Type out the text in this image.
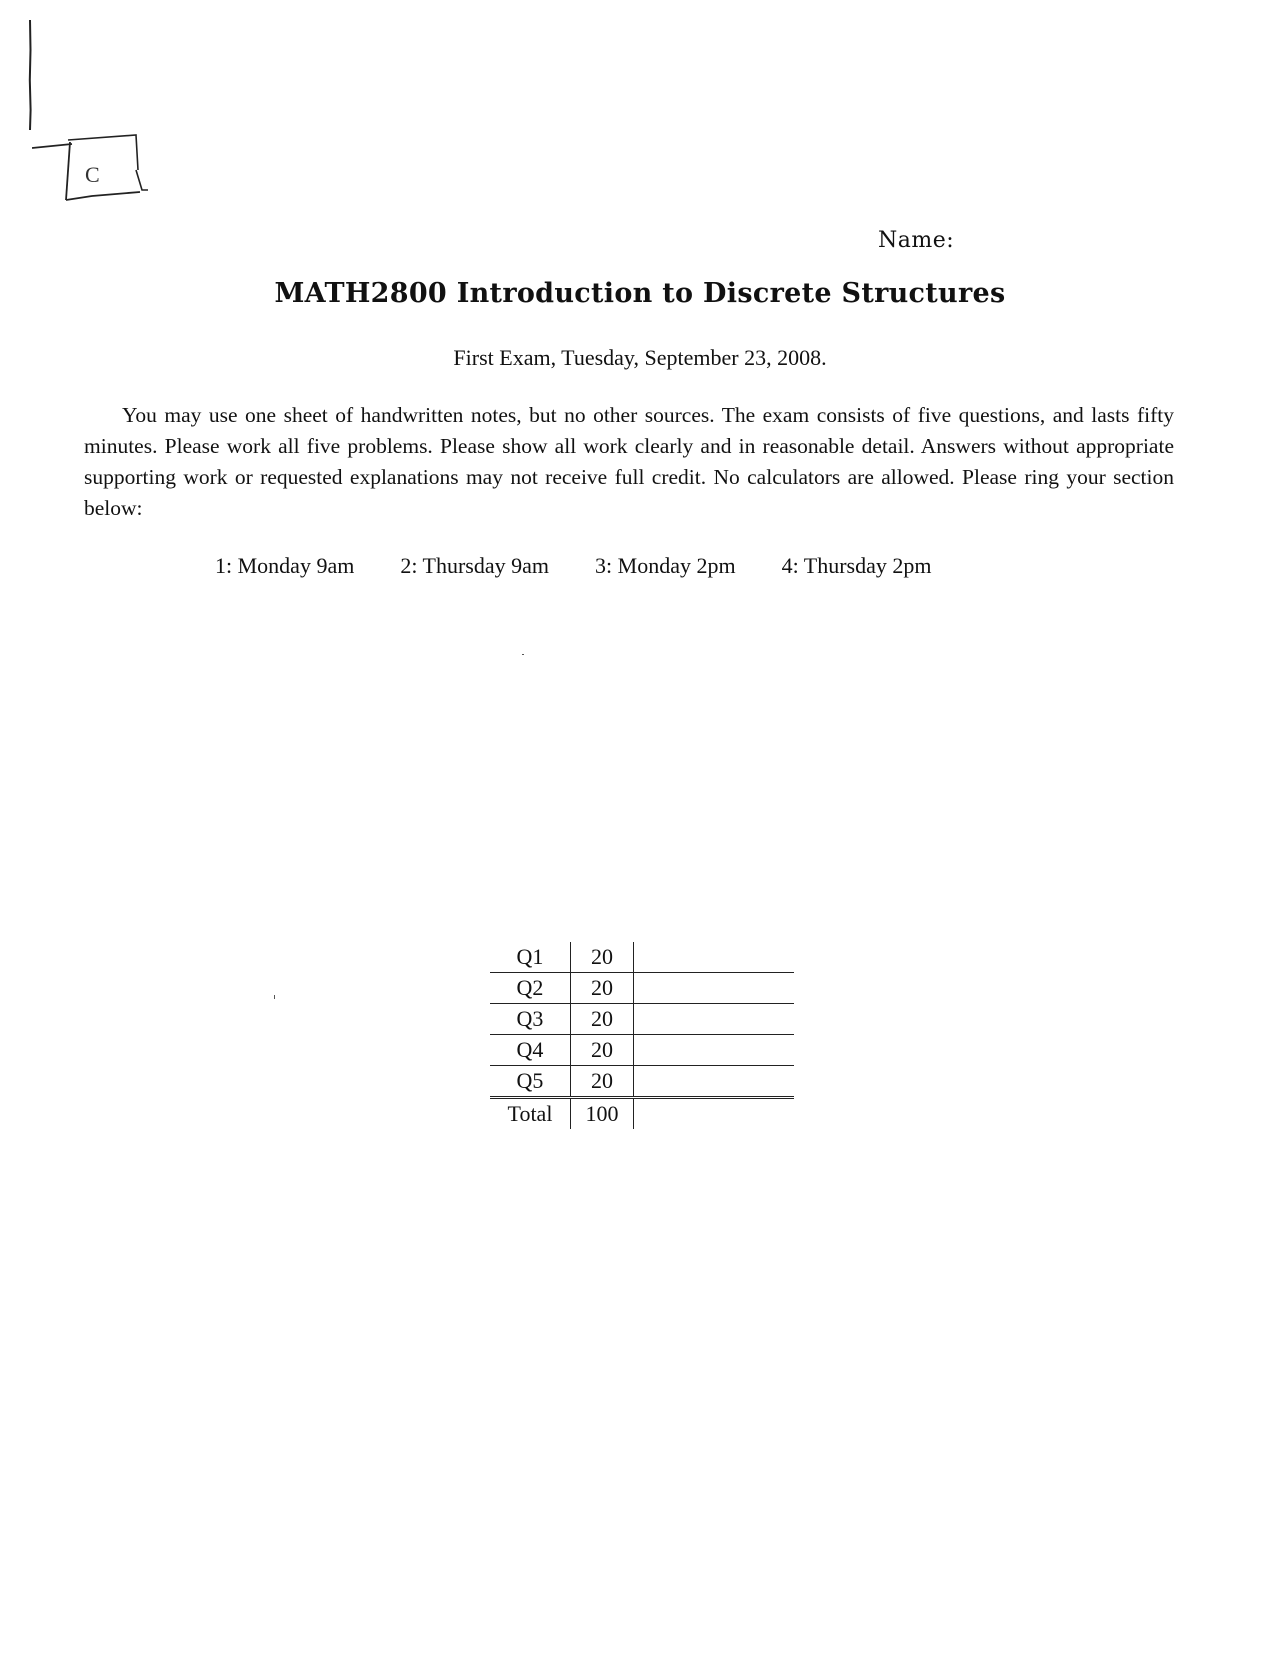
C
Name:
MATH2800 Introduction to Discrete Structures
First Exam, Tuesday, September 23, 2008.
You may use one sheet of handwritten notes, but no other sources. The exam consists of five questions, and lasts fifty minutes. Please work all five problems. Please show all work clearly and in reasonable detail. Answers without appropriate supporting work or requested explanations may not receive full credit. No calculators are allowed. Please ring your section below:
1: Monday 9am 2: Thursday 9am 3: Monday 2pm 4: Thursday 2pm
Q1	20	
Q2	20	
Q3	20	
Q4	20	
Q5	20	
Total	100	
